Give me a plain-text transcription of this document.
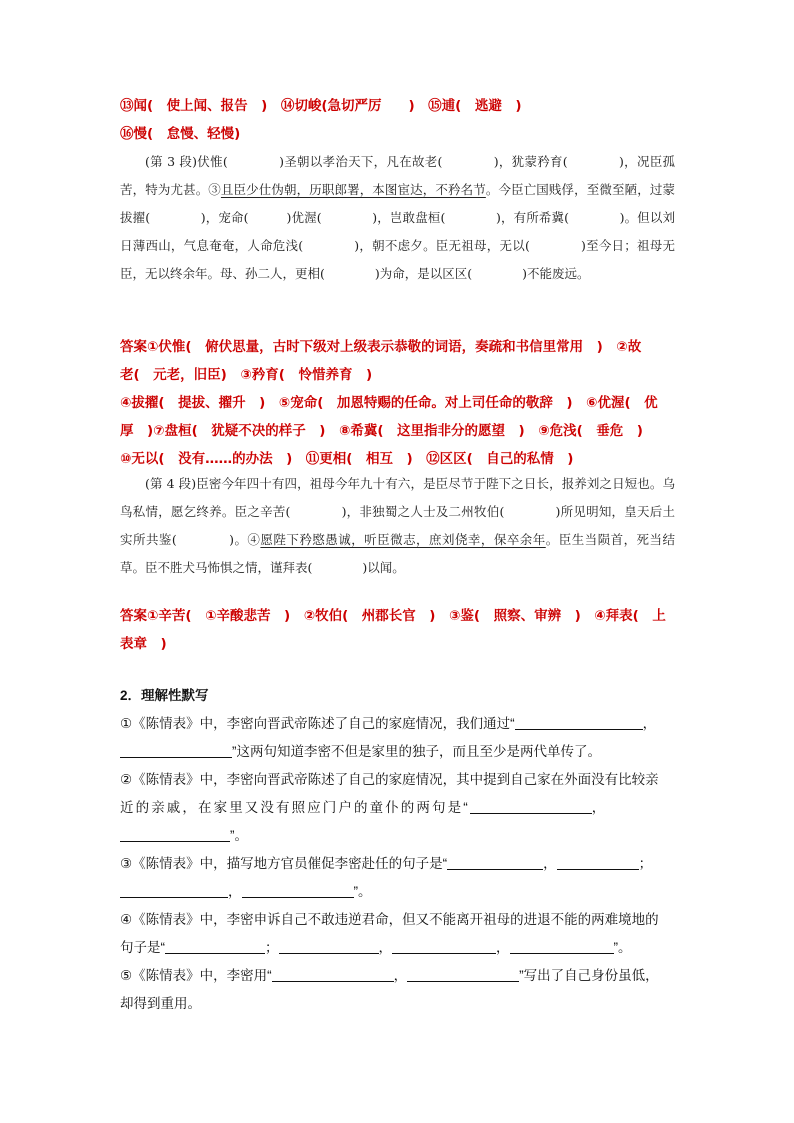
⑬闻(　使上闻、报告　)　⑭切峻(急切严厉　　)　⑮逋(　逃避　)
⑯慢(　怠慢、轻慢)

(第 3 段)伏惟(　　　　)圣朝以孝治天下，凡在故老(　　　　)，犹蒙矜育(　　　　)，况臣孤苦，特为尤甚。③且臣少仕伪朝，历职郎署，本图宦达，不矜名节。今臣亡国贱俘，至微至陋，过蒙拔擢(　　　　)，宠命(　　　)优渥(　　　　)，岂敢盘桓(　　　　)，有所希冀(　　　　)。但以刘日薄西山，气息奄奄，人命危浅(　　　　)，朝不虑夕。臣无祖母，无以(　　　　)至今日；祖母无臣，无以终余年。母、孙二人，更相(　　　　)为命，是以区区(　　　　)不能废远。

答案①伏惟(　俯伏思量，古时下级对上级表示恭敬的词语，奏疏和书信里常用　)　②故
老(　元老，旧臣)　③矜育(　怜惜养育　)
④拔擢(　提拔、擢升　)　⑤宠命(　加恩特赐的任命。对上司任命的敬辞　)　⑥优渥(　优
厚　)⑦盘桓(　犹疑不决的样子　)　⑧希冀(　这里指非分的愿望　)　⑨危浅(　垂危　)
⑩无以(　没有……的办法　)　⑪更相(　相互　)　⑫区区(　自己的私情　)

(第 4 段)臣密今年四十有四，祖母今年九十有六，是臣尽节于陛下之日长，报养刘之日短也。乌鸟私情，愿乞终养。臣之辛苦(　　　　)，非独蜀之人士及二州牧伯(　　　　)所见明知，皇天后土实所共鉴(　　　　)。④愿陛下矜愍愚诚，听臣微志，庶刘侥幸，保卒余年。臣生当陨首，死当结草。臣不胜犬马怖惧之情，谨拜表(　　　　)以闻。

答案①辛苦(　①辛酸悲苦　)　②牧伯(　州郡长官　)　③鉴(　照察、审辨　)　④拜表(　上
表章　)

2．理解性默写

①《陈情表》中，李密向晋武帝陈述了自己的家庭情况，我们通过“	，

”这两句知道李密不但是家里的独子，而且至少是两代单传了。

②《陈情表》中，李密向晋武帝陈述了自己的家庭情况，其中提到自己家在外面没有比较亲

近的亲戚，在家里又没有照应门户的童仆的两句是“	，

”。

③《陈情表》中，描写地方官员催促李密赴任的句子是“	，	；

，	”。

④《陈情表》中，李密申诉自己不敢违逆君命，但又不能离开祖母的进退不能的两难境地的

句子是“	；	，	，	”。

⑤《陈情表》中，李密用“	，	”写出了自己身份虽低，

却得到重用。
